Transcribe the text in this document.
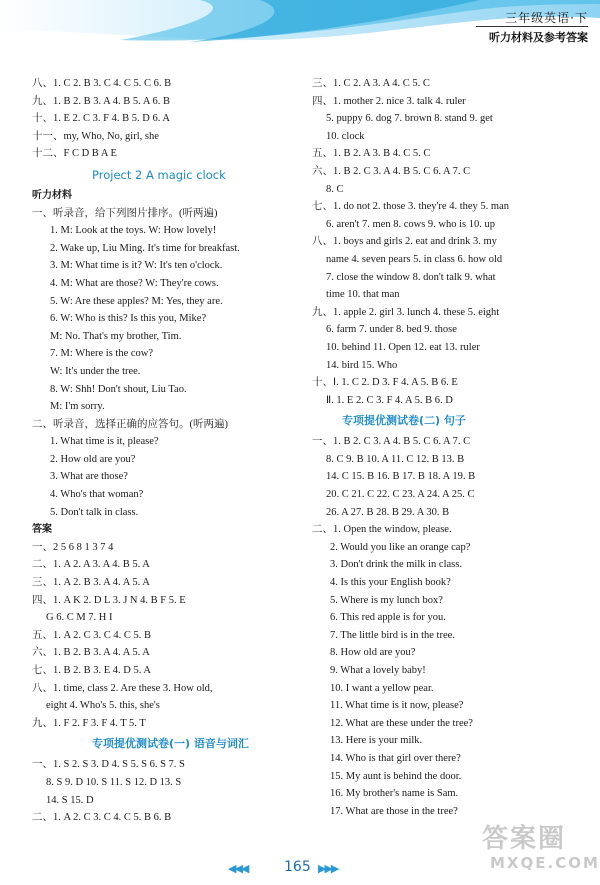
三年级英语·下
听力材料及参考答案
八、1. C 2. B 3. C 4. C 5. C 6. B
九、1. B 2. B 3. A 4. B 5. A 6. B
十、1. E 2. C 3. F 4. B 5. D 6. A
十一、my, Who, No, girl, she
十二、F C D B A E
Project 2 A magic clock
听力材料
一、听录音，给下列图片排序。(听两遍)
1. M: Look at the toys. W: How lovely!
2. Wake up, Liu Ming. It's time for breakfast.
3. M: What time is it? W: It's ten o'clock.
4. M: What are those? W: They're cows.
5. W: Are these apples? M: Yes, they are.
6. W: Who is this? Is this you, Mike?
M: No. That's my brother, Tim.
7. M: Where is the cow?
W: It's under the tree.
8. W: Shh! Don't shout, Liu Tao.
M: I'm sorry.
二、听录音，选择正确的应答句。(听两遍)
1. What time is it, please?
2. How old are you?
3. What are those?
4. Who's that woman?
5. Don't talk in class.
答案
一、2 5 6 8 1 3 7 4
二、1. A 2. A 3. A 4. B 5. A
三、1. A 2. B 3. A 4. A 5. A
四、1. A K 2. D L 3. J N 4. B F 5. E
G 6. C M 7. H I
五、1. A 2. C 3. C 4. C 5. B
六、1. B 2. B 3. A 4. A 5. A
七、1. B 2. B 3. E 4. D 5. A
八、1. time, class 2. Are these 3. How old,
eight 4. Who's 5. this, she's
九、1. F 2. F 3. F 4. T 5. T
专项提优测试卷(一) 语音与词汇
一、1. S 2. S 3. D 4. S 5. S 6. S 7. S
8. S 9. D 10. S 11. S 12. D 13. S
14. S 15. D
二、1. A 2. C 3. C 4. C 5. B 6. B
三、1. C 2. A 3. A 4. C 5. C
四、1. mother 2. nice 3. talk 4. ruler
5. puppy 6. dog 7. brown 8. stand 9. get
10. clock
五、1. B 2. A 3. B 4. C 5. C
六、1. B 2. C 3. A 4. B 5. C 6. A 7. C
8. C
七、1. do not 2. those 3. they're 4. they 5. man
6. aren't 7. men 8. cows 9. who is 10. up
八、1. boys and girls 2. eat and drink 3. my
name 4. seven pears 5. in class 6. how old
7. close the window 8. don't talk 9. what
time 10. that man
九、1. apple 2. girl 3. lunch 4. these 5. eight
6. farm 7. under 8. bed 9. those
10. behind 11. Open 12. eat 13. ruler
14. bird 15. Who
十、Ⅰ. 1. C 2. D 3. F 4. A 5. B 6. E
Ⅱ. 1. E 2. C 3. F 4. A 5. B 6. D
专项提优测试卷(二) 句子
一、1. B 2. C 3. A 4. B 5. C 6. A 7. C
8. C 9. B 10. A 11. C 12. B 13. B
14. C 15. B 16. B 17. B 18. A 19. B
20. C 21. C 22. C 23. A 24. A 25. C
26. A 27. B 28. B 29. A 30. B
二、1. Open the window, please.
2. Would you like an orange cap?
3. Don't drink the milk in class.
4. Is this your English book?
5. Where is my lunch box?
6. This red apple is for you.
7. The little bird is in the tree.
8. How old are you?
9. What a lovely baby!
10. I want a yellow pear.
11. What time is it now, please?
12. What are these under the tree?
13. Here is your milk.
14. Who is that girl over there?
15. My aunt is behind the door.
16. My brother's name is Sam.
17. What are those in the tree?
◀◀◀	165 ▶▶▶
答案圈
MXQE.COM
